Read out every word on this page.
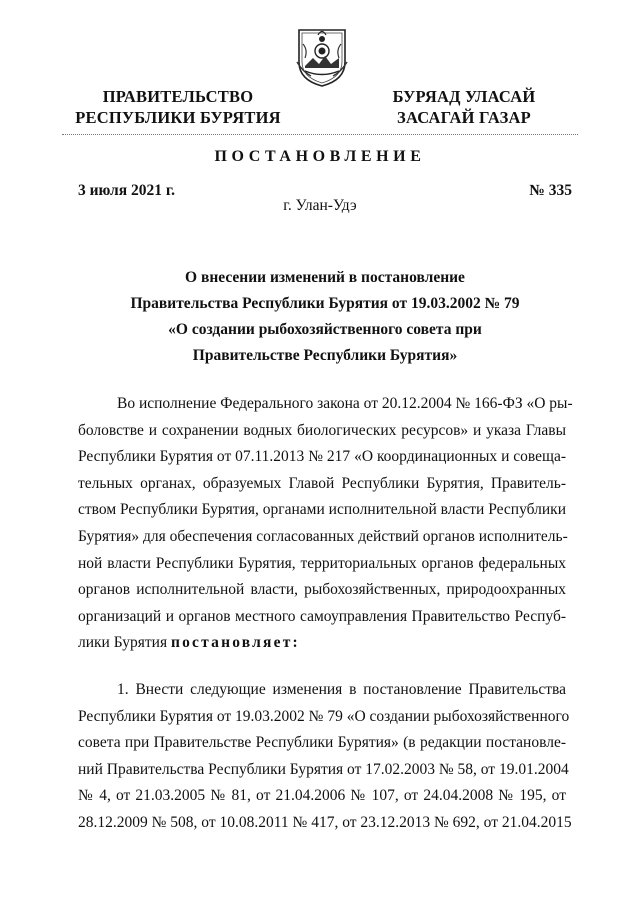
ПРАВИТЕЛЬСТВО
РЕСПУБЛИКИ БУРЯТИЯ
БУРЯАД УЛАСАЙ
ЗАСАГАЙ ГАЗАР
ПОСТАНОВЛЕНИЕ
3 июля 2021 г.	№ 335
г. Улан-Удэ
О внесении изменений в постановление
Правительства Республики Бурятия от 19.03.2002 № 79
«О создании рыбохозяйственного совета при
Правительстве Республики Бурятия»
Во исполнение Федерального закона от 20.12.2004 № 166-ФЗ «О ры-
боловстве и сохранении водных биологических ресурсов» и указа Главы
Республики Бурятия от 07.11.2013 № 217 «О координационных и совеща-
тельных органах, образуемых Главой Республики Бурятия, Правитель-
ством Республики Бурятия, органами исполнительной власти Республики
Бурятия» для обеспечения согласованных действий органов исполнитель-
ной власти Республики Бурятия, территориальных органов федеральных
органов исполнительной власти, рыбохозяйственных, природоохранных
организаций и органов местного самоуправления Правительство Респуб-
лики Бурятия постановляет:
1. Внести следующие изменения в постановление Правительства
Республики Бурятия от 19.03.2002 № 79 «О создании рыбохозяйственного
совета при Правительстве Республики Бурятия» (в редакции постановле-
ний Правительства Республики Бурятия от 17.02.2003 № 58, от 19.01.2004
№ 4, от 21.03.2005 № 81, от 21.04.2006 № 107, от 24.04.2008 № 195, от
28.12.2009 № 508, от 10.08.2011 № 417, от 23.12.2013 № 692, от 21.04.2015
